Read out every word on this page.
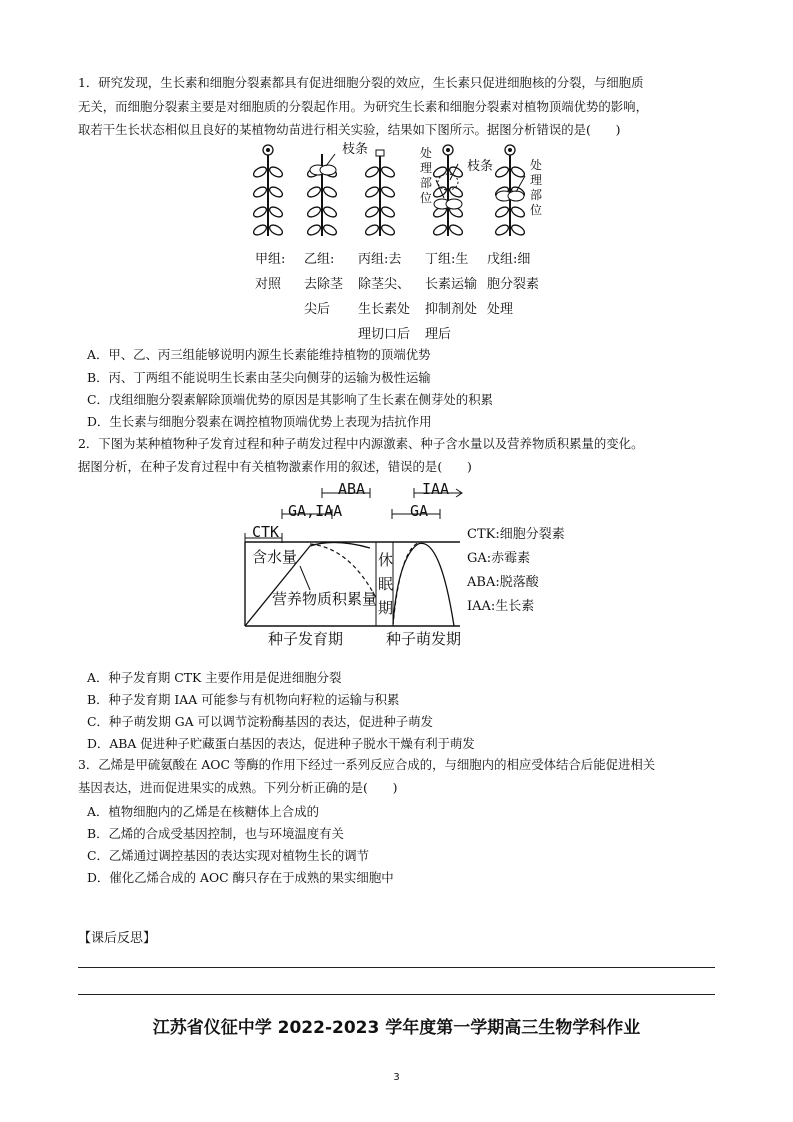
1．研究发现，生长素和细胞分裂素都具有促进细胞分裂的效应，生长素只促进细胞核的分裂，与细胞质
无关，而细胞分裂素主要是对细胞质的分裂起作用。为研究生长素和细胞分裂素对植物顶端优势的影响，
取若干生长状态相似且良好的某植物幼苗进行相关实验，结果如下图所示。据图分析错误的是(　　)
枝条	处
理
部
位
枝条	处
理
部
位
甲组:
对照
乙组:
去除茎
尖后
丙组:去
除茎尖、
生长素处
理切口后
丁组:生
长素运输
抑制剂处
理后
戊组:细
胞分裂素
处理
A．甲、乙、丙三组能够说明内源生长素能维持植物的顶端优势
B．丙、丁两组不能说明生长素由茎尖向侧芽的运输为极性运输
C．戊组细胞分裂素解除顶端优势的原因是其影响了生长素在侧芽处的积累
D．生长素与细胞分裂素在调控植物顶端优势上表现为拮抗作用
2．下图为某种植物种子发育过程和种子萌发过程中内源激素、种子含水量以及营养物质积累量的变化。
据图分析，在种子发育过程中有关植物激素作用的叙述，错误的是(　　)
ABA	IAA
GA,IAA	GA
CTK
含水量
营养物质积累量
休
眠
期
种子发育期	种子萌发期
CTK:细胞分裂素
GA:赤霉素
ABA:脱落酸
IAA:生长素
A．种子发育期 CTK 主要作用是促进细胞分裂
B．种子发育期 IAA 可能参与有机物向籽粒的运输与积累
C．种子萌发期 GA 可以调节淀粉酶基因的表达，促进种子萌发
D．ABA 促进种子贮藏蛋白基因的表达，促进种子脱水干燥有利于萌发
3．乙烯是甲硫氨酸在 AOC 等酶的作用下经过一系列反应合成的，与细胞内的相应受体结合后能促进相关
基因表达，进而促进果实的成熟。下列分析正确的是(　　)
A．植物细胞内的乙烯是在核糖体上合成的
B．乙烯的合成受基因控制，也与环境温度有关
C．乙烯通过调控基因的表达实现对植物生长的调节
D．催化乙烯合成的 AOC 酶只存在于成熟的果实细胞中
【课后反思】
江苏省仪征中学 2022-2023 学年度第一学期高三生物学科作业
3
